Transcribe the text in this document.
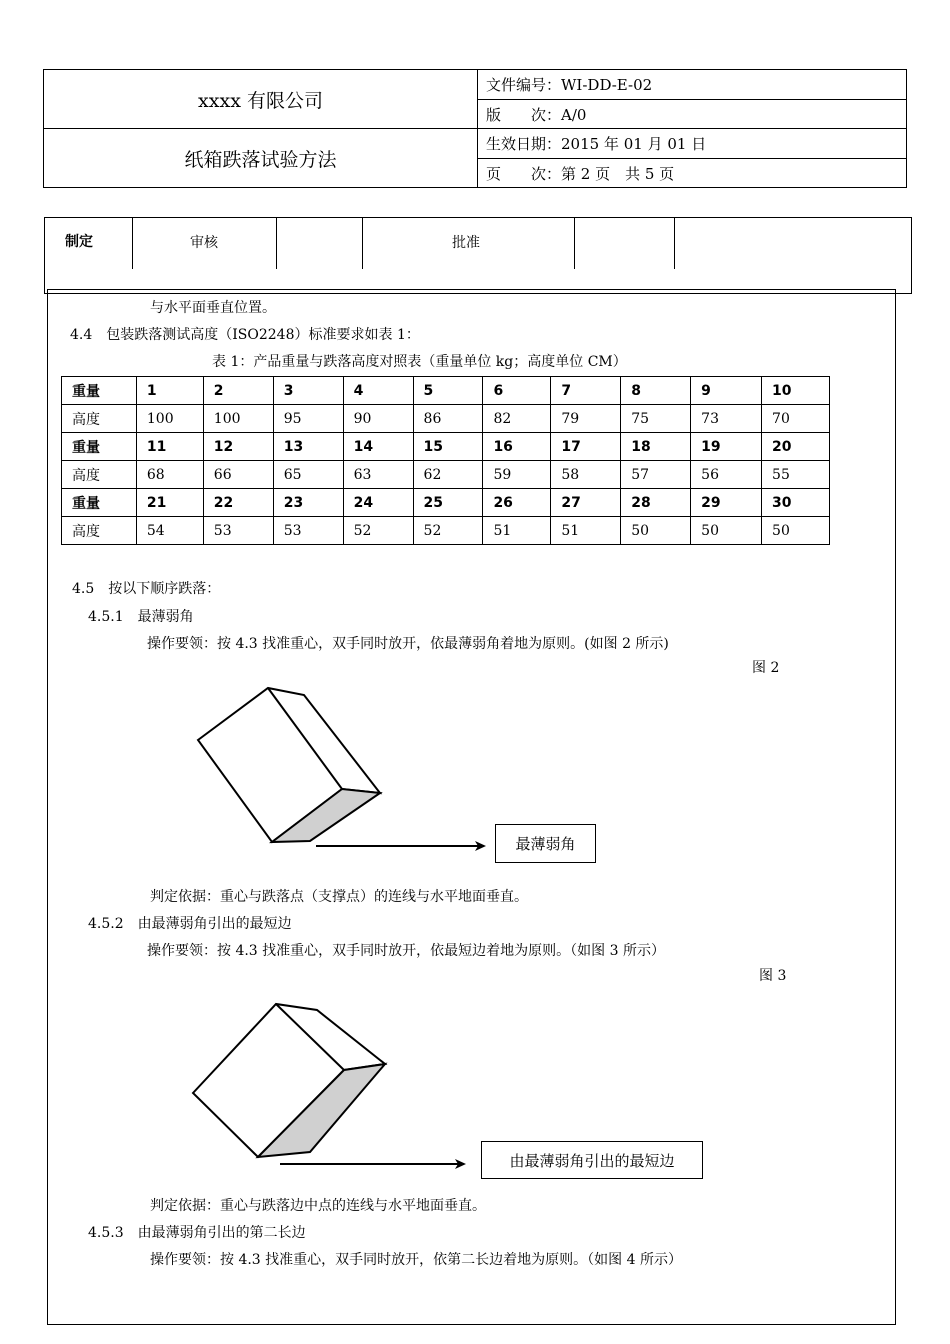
xxxx 有限公司	文件编号：WI-DD-E-02
	版　　次：A/0
纸箱跌落试验方法	生效日期：2015 年 01 月 01 日
	页　　次：第 2 页　共 5 页
制定	审核	批准
与水平面垂直位置。
4.4　包装跌落测试高度（ISO2248）标准要求如表 1：
表 1：产品重量与跌落高度对照表（重量单位 kg；高度单位 CM）
重量	1	2	3	4	5	6	7	8	9	10
高度	100	100	95	90	86	82	79	75	73	70
重量	11	12	13	14	15	16	17	18	19	20
高度	68	66	65	63	62	59	58	57	56	55
重量	21	22	23	24	25	26	27	28	29	30
高度	54	53	53	52	52	51	51	50	50	50
4.5　按以下顺序跌落：
4.5.1　最薄弱角
操作要领：按 4.3 找准重心，双手同时放开，依最薄弱角着地为原则。(如图 2 所示)
图 2
最薄弱角
判定依据：重心与跌落点（支撑点）的连线与水平地面垂直。
4.5.2　由最薄弱角引出的最短边
操作要领：按 4.3 找准重心，双手同时放开，依最短边着地为原则。（如图 3 所示）
图 3
由最薄弱角引出的最短边
判定依据：重心与跌落边中点的连线与水平地面垂直。
4.5.3　由最薄弱角引出的第二长边
操作要领：按 4.3 找准重心，双手同时放开，依第二长边着地为原则。（如图 4 所示）
